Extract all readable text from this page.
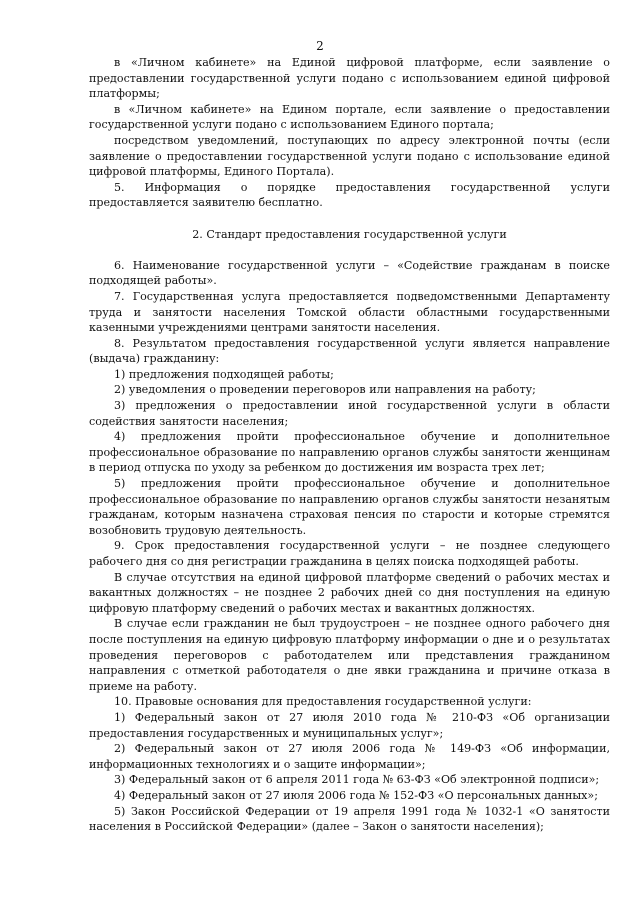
2

в «Личном кабинете» на Единой цифровой платформе, если заявление о предоставлении государственной услуги подано с использованием единой цифровой платформы;

в «Личном кабинете» на Едином портале, если заявление о предоставлении государственной услуги подано с использованием Единого портала;

посредством уведомлений, поступающих по адресу электронной почты (если заявление о предоставлении государственной услуги подано с использование единой цифровой платформы, Единого Портала).

5. Информация о порядке предоставления государственной услуги предоставляется заявителю бесплатно.

2. Стандарт предоставления государственной услуги

6. Наименование государственной услуги – «Содействие гражданам в поиске подходящей работы».

7. Государственная услуга предоставляется подведомственными Департаменту труда и занятости населения Томской области областными государственными казенными учреждениями центрами занятости населения.

8. Результатом предоставления государственной услуги является направление (выдача) гражданину:

1) предложения подходящей работы;

2) уведомления о проведении переговоров или направления на работу;

3) предложения о предоставлении иной государственной услуги в области содействия занятости населения;

4) предложения пройти профессиональное обучение и дополнительное профессиональное образование по направлению органов службы занятости женщинам в период отпуска по уходу за ребенком до достижения им возраста трех лет;

5) предложения пройти профессиональное обучение и дополнительное профессиональное образование по направлению органов службы занятости незанятым гражданам, которым назначена страховая пенсия по старости и которые стремятся возобновить трудовую деятельность.

9. Срок предоставления государственной услуги – не позднее следующего рабочего дня со дня регистрации гражданина в целях поиска подходящей работы.

В случае отсутствия на единой цифровой платформе сведений о рабочих местах и вакантных должностях – не позднее 2 рабочих дней со дня поступления на единую цифровую платформу сведений о рабочих местах и вакантных должностях.

В случае если гражданин не был трудоустроен – не позднее одного рабочего дня после поступления на единую цифровую платформу информации о дне и о результатах проведения переговоров с работодателем или представления гражданином направления с отметкой работодателя о дне явки гражданина и причине отказа в приеме на работу.

10. Правовые основания для предоставления государственной услуги:

1) Федеральный закон от 27 июля 2010 года № 210-ФЗ «Об организации предоставления государственных и муниципальных услуг»;

2) Федеральный закон от 27 июля 2006 года № 149-ФЗ «Об информации, информационных технологиях и о защите информации»;

3) Федеральный закон от 6 апреля 2011 года № 63-ФЗ «Об электронной подписи»;

4) Федеральный закон от 27 июля 2006 года № 152-ФЗ «О персональных данных»;

5) Закон Российской Федерации от 19 апреля 1991 года № 1032-1 «О занятости населения в Российской Федерации» (далее – Закон о занятости населения);
